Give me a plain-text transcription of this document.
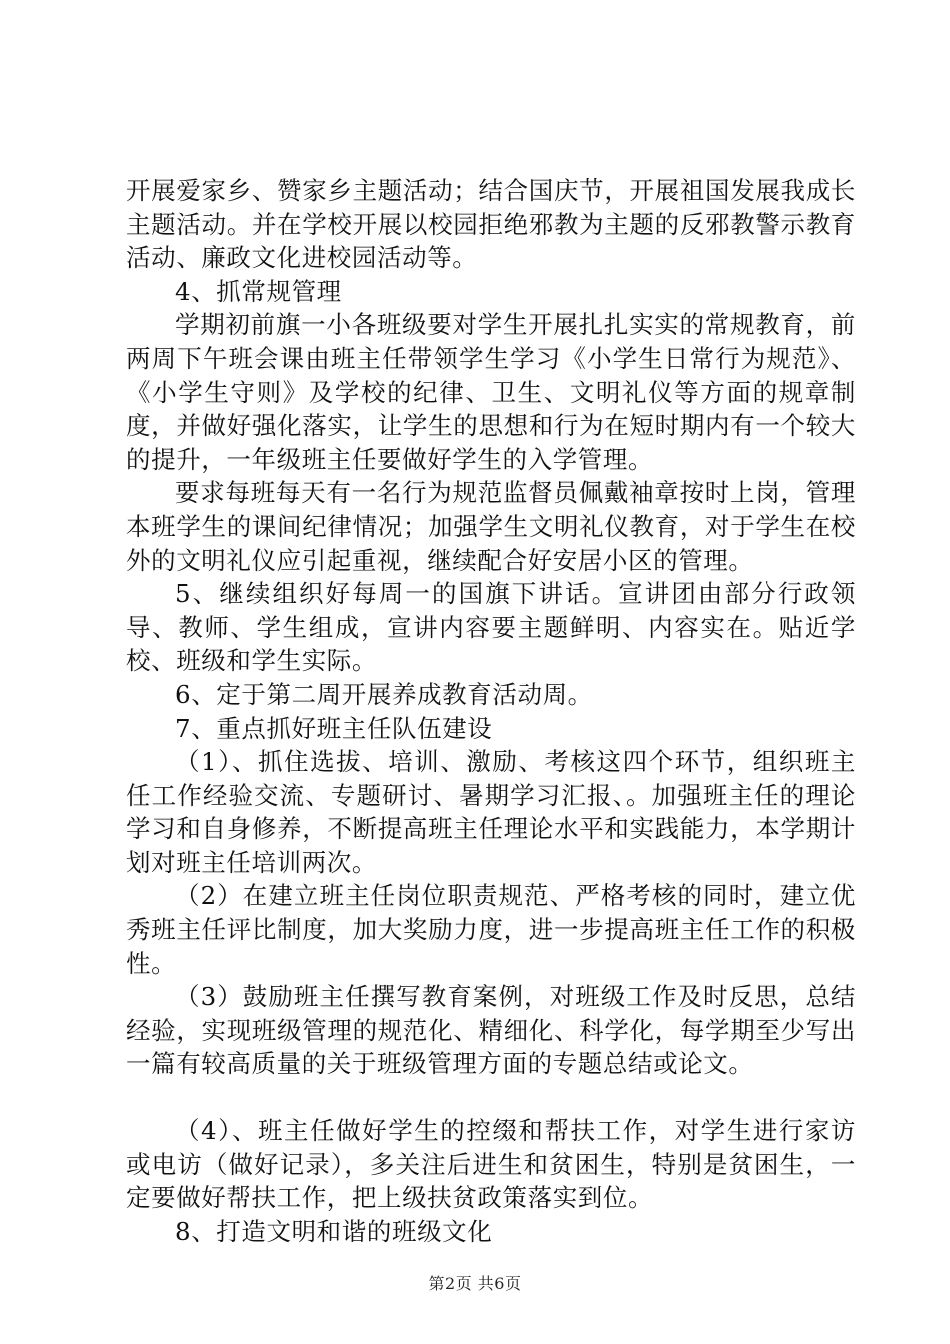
开展爱家乡、赞家乡主题活动；结合国庆节，开展祖国发展我成长主题活动。并在学校开展以校园拒绝邪教为主题的反邪教警示教育活动、廉政文化进校园活动等。

4、抓常规管理

学期初前旗一小各班级要对学生开展扎扎实实的常规教育，前两周下午班会课由班主任带领学生学习《小学生日常行为规范》、《小学生守则》及学校的纪律、卫生、文明礼仪等方面的规章制度，并做好强化落实，让学生的思想和行为在短时期内有一个较大的提升，一年级班主任要做好学生的入学管理。

要求每班每天有一名行为规范监督员佩戴袖章按时上岗，管理本班学生的课间纪律情况；加强学生文明礼仪教育，对于学生在校外的文明礼仪应引起重视，继续配合好安居小区的管理。

5、继续组织好每周一的国旗下讲话。宣讲团由部分行政领导、教师、学生组成，宣讲内容要主题鲜明、内容实在。贴近学校、班级和学生实际。

6、定于第二周开展养成教育活动周。

7、重点抓好班主任队伍建设

（1）、抓住选拔、培训、激励、考核这四个环节，组织班主任工作经验交流、专题研讨、暑期学习汇报、。加强班主任的理论学习和自身修养，不断提高班主任理论水平和实践能力，本学期计划对班主任培训两次。

（2）在建立班主任岗位职责规范、严格考核的同时，建立优秀班主任评比制度，加大奖励力度，进一步提高班主任工作的积极性。

（3）鼓励班主任撰写教育案例，对班级工作及时反思，总结经验，实现班级管理的规范化、精细化、科学化，每学期至少写出一篇有较高质量的关于班级管理方面的专题总结或论文。

（4）、班主任做好学生的控缀和帮扶工作，对学生进行家访或电访（做好记录），多关注后进生和贫困生，特别是贫困生，一定要做好帮扶工作，把上级扶贫政策落实到位。

8、打造文明和谐的班级文化

第2页 共6页
